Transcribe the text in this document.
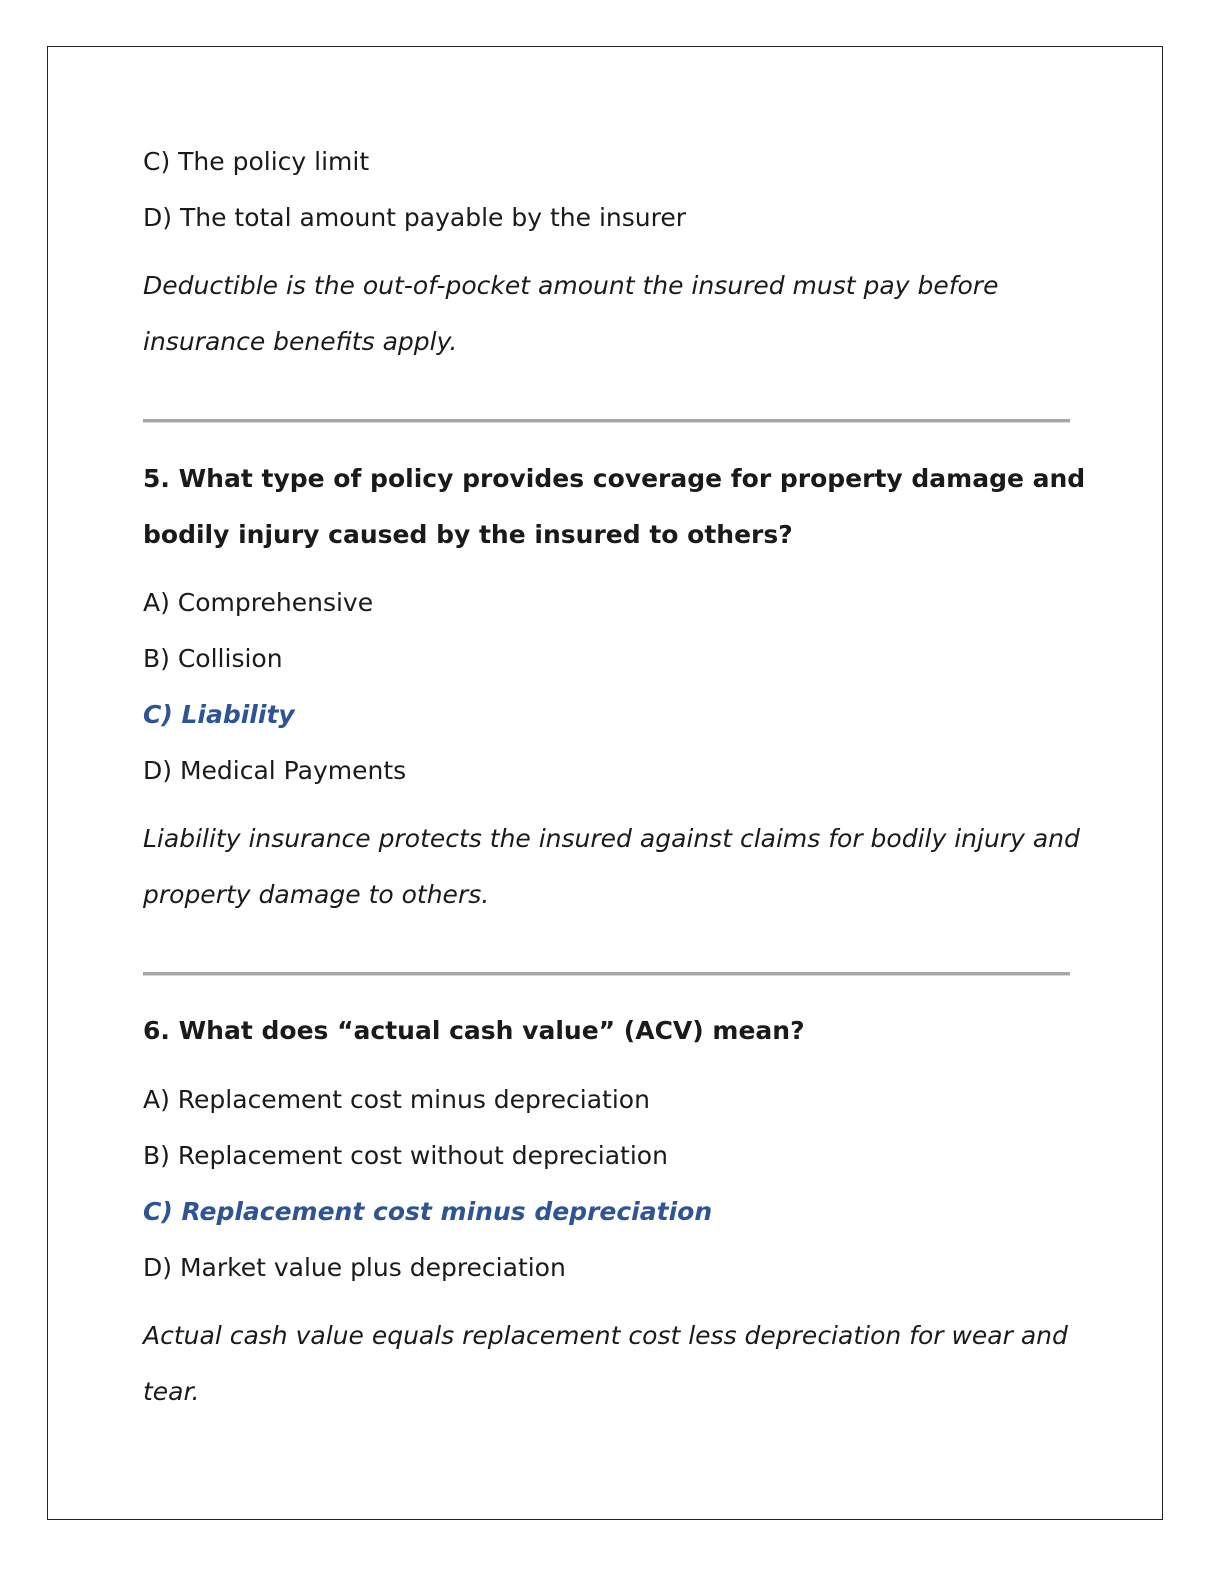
C) The policy limit
D) The total amount payable by the insurer
Deductible is the out-of-pocket amount the insured must pay before
insurance benefits apply.
5. What type of policy provides coverage for property damage and
bodily injury caused by the insured to others?
A) Comprehensive
B) Collision
C) Liability
D) Medical Payments
Liability insurance protects the insured against claims for bodily injury and
property damage to others.
6. What does “actual cash value” (ACV) mean?
A) Replacement cost minus depreciation
B) Replacement cost without depreciation
C) Replacement cost minus depreciation
D) Market value plus depreciation
Actual cash value equals replacement cost less depreciation for wear and
tear.
